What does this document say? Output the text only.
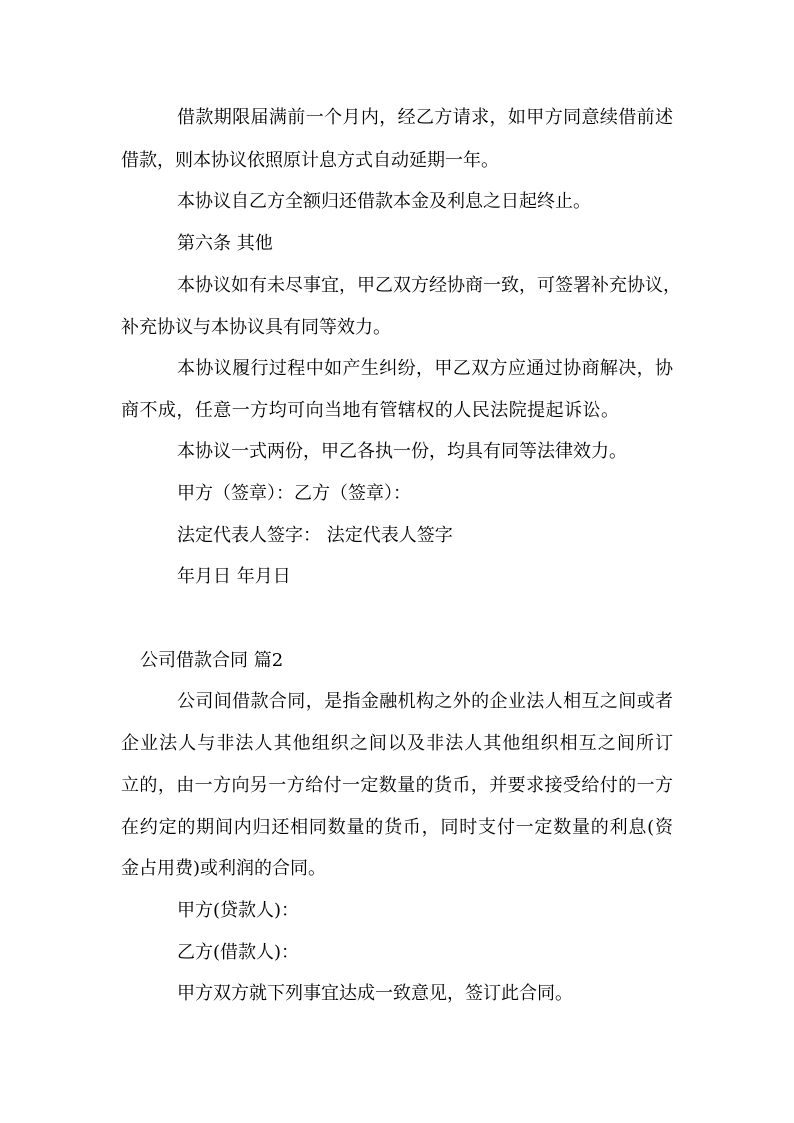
借款期限届满前一个月内，经乙方请求，如甲方同意续借前述

借款，则本协议依照原计息方式自动延期一年。

本协议自乙方全额归还借款本金及利息之日起终止。

第六条 其他

本协议如有未尽事宜，甲乙双方经协商一致，可签署补充协议，

补充协议与本协议具有同等效力。

本协议履行过程中如产生纠纷，甲乙双方应通过协商解决，协

商不成，任意一方均可向当地有管辖权的人民法院提起诉讼。

本协议一式两份，甲乙各执一份，均具有同等法律效力。

甲方（签章）：乙方（签章）：

法定代表人签字： 法定代表人签字

年月日 年月日

公司借款合同 篇2

公司间借款合同，是指金融机构之外的企业法人相互之间或者

企业法人与非法人其他组织之间以及非法人其他组织相互之间所订

立的，由一方向另一方给付一定数量的货币，并要求接受给付的一方

在约定的期间内归还相同数量的货币，同时支付一定数量的利息(资

金占用费)或利润的合同。

甲方(贷款人)：

乙方(借款人)：

甲方双方就下列事宜达成一致意见，签订此合同。
